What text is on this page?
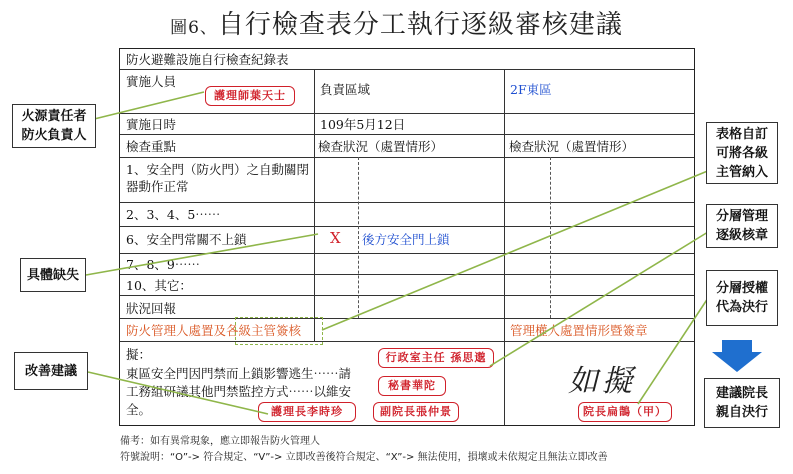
圖6、自行檢查表分工執行逐級審核建議
防火避難設施自行檢查紀錄表
實施人員
負責區域	2F東區
實施日時	109年5月12日
檢查重點	檢查狀況（處置情形）	檢查狀況（處置情形）
1、安全門（防火門）之自動關閉器動作正常
2、3、4、5⋯⋯
6、安全門常關不上鎖	X 後方安全門上鎖
7、8、9⋯⋯
10、其它：
狀況回報
防火管理人處置及各級主管簽核	管理權人處置情形暨簽章
擬：
東區安全門因門禁而上鎖影響逃生⋯⋯請工務組研議其他門禁監控方式⋯⋯以維安全。
如擬
護理師葉天士
行政室主任 孫思邈
秘書華陀
護理長李時珍	副院長張仲景	院長扁鵲（甲）
火源責任者
防火負責人
具體缺失
改善建議
表格自訂
可將各級
主管納入
分層管理
逐級核章
分層授權
代為決行
建議院長
親自決行
備考：如有異常現象，應立即報告防火管理人
符號說明：“O”-> 符合規定、“V”-> 立即改善後符合規定、“X”-> 無法使用，損壞或未依規定且無法立即改善
